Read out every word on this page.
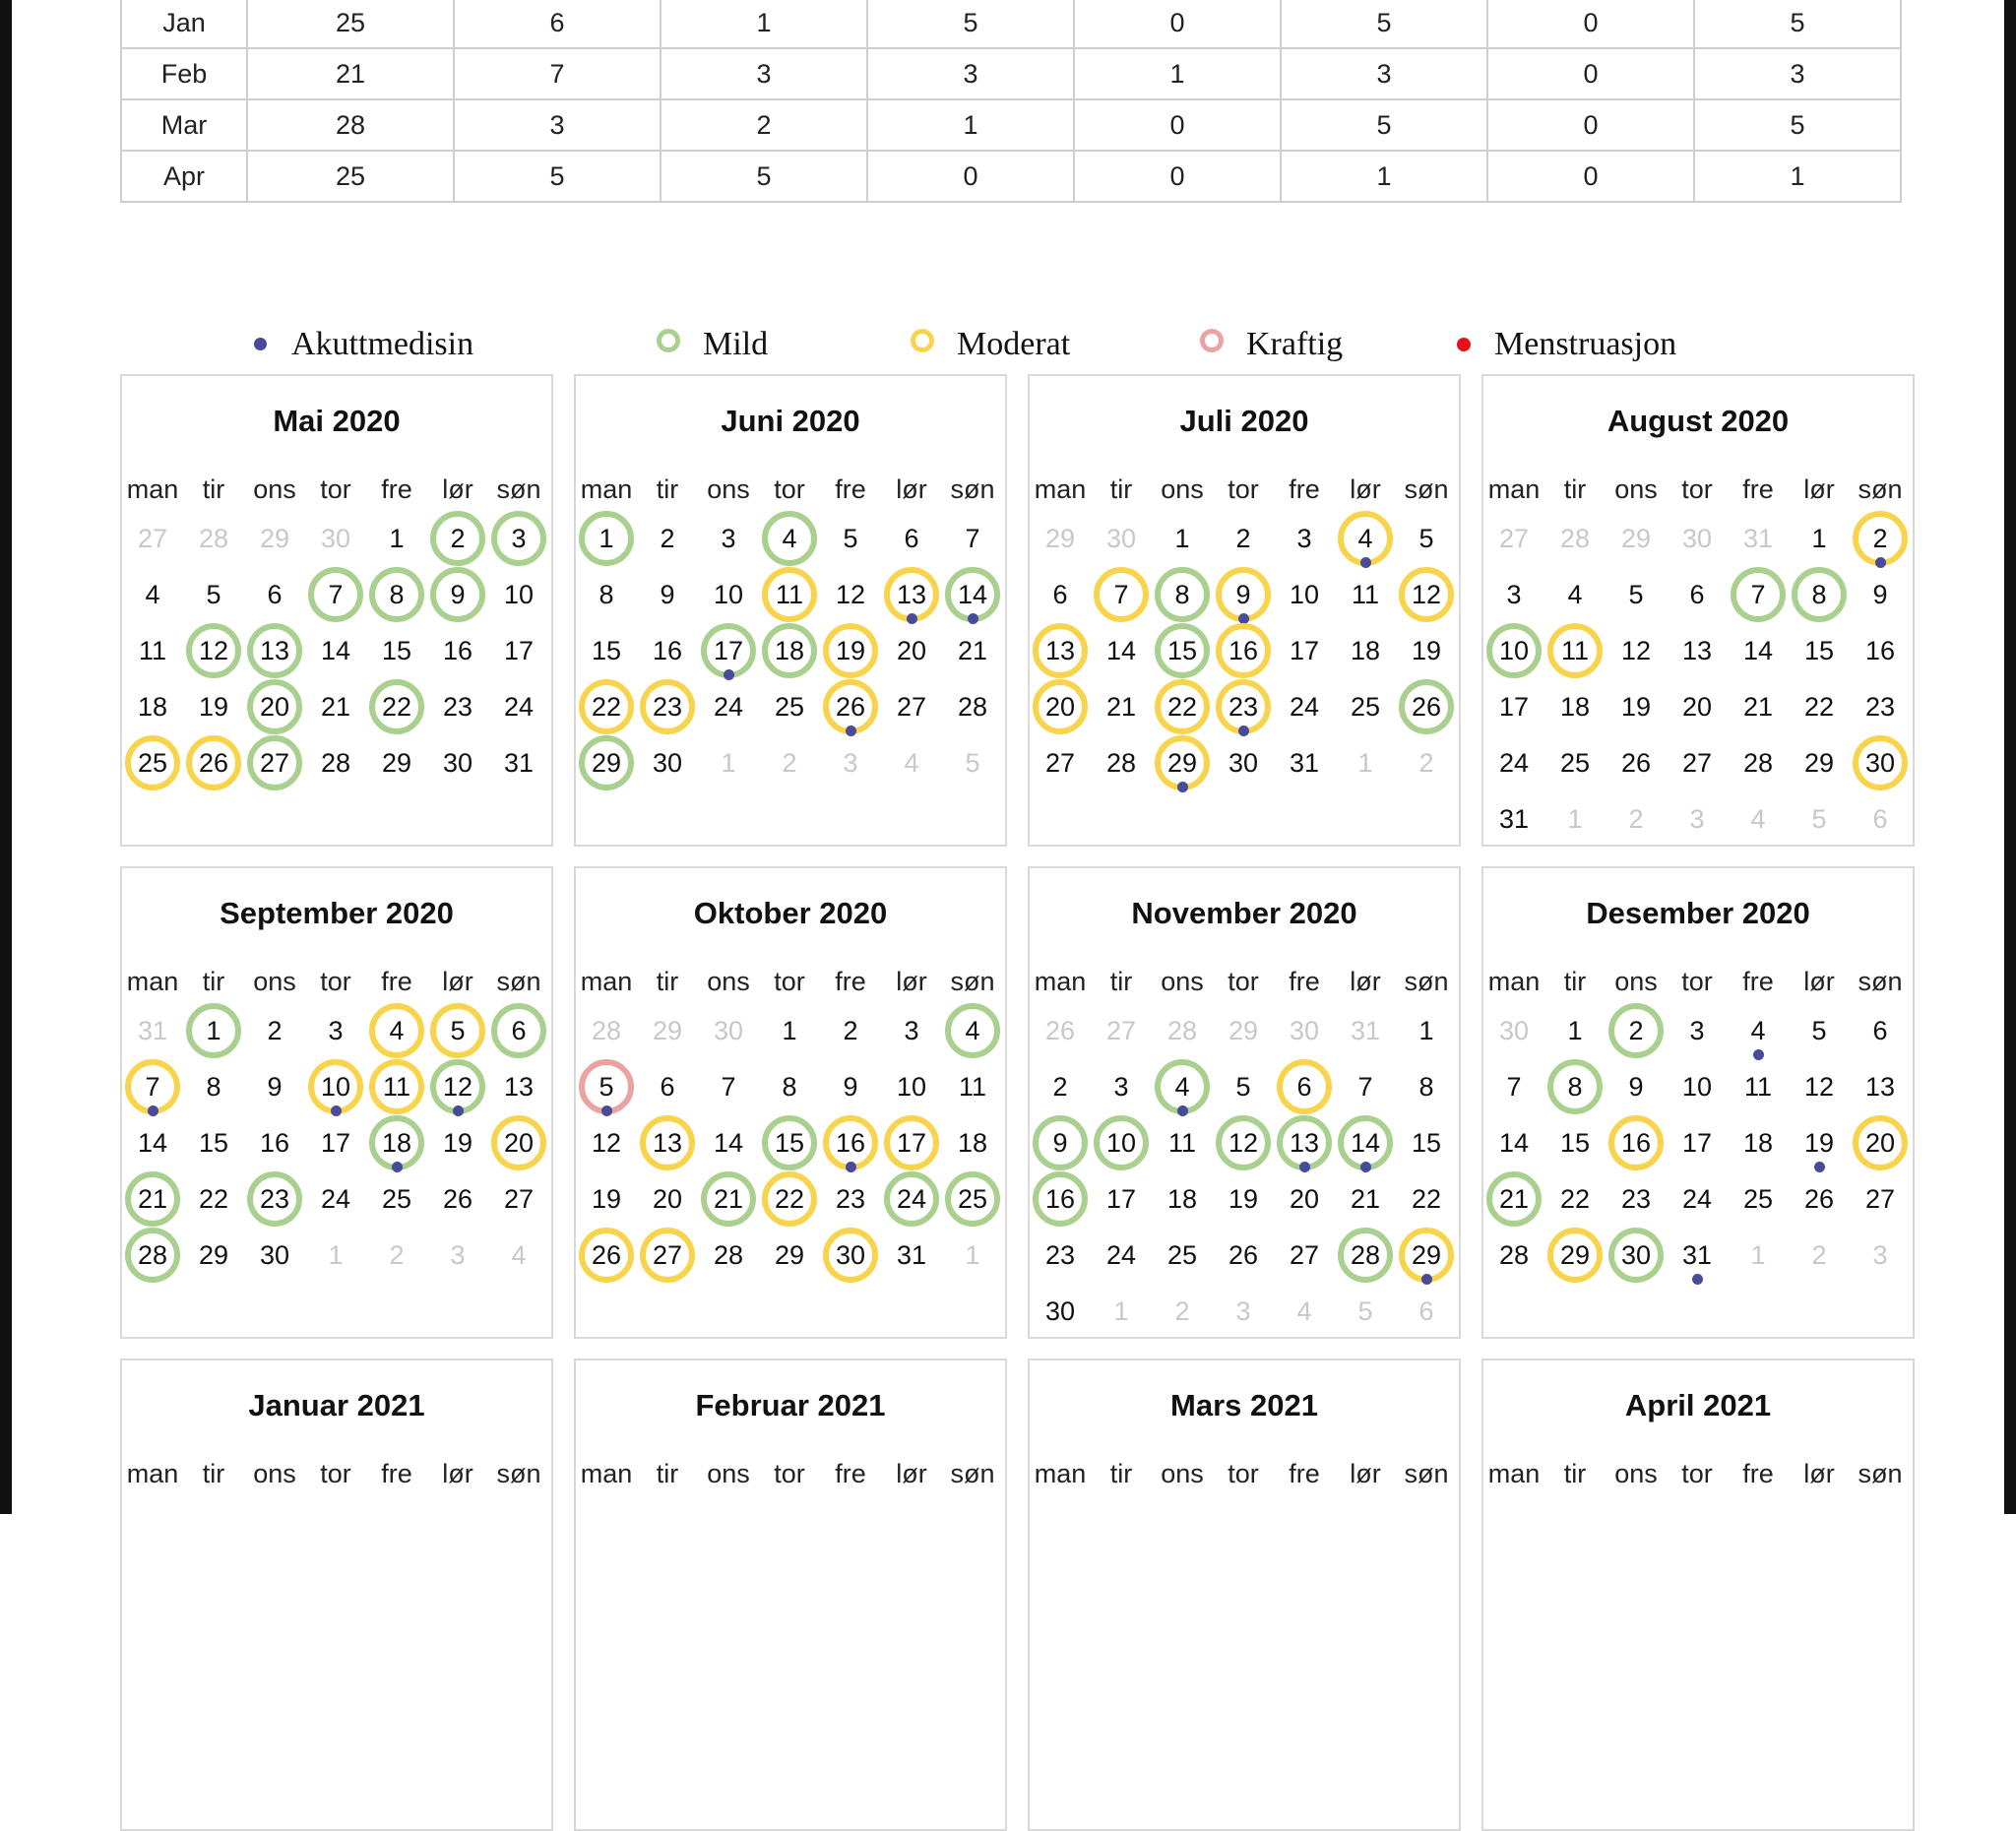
Jan	25	6	1	5	0	5	0	5
Feb	21	7	3	3	1	3	0	3
Mar	28	3	2	1	0	5	0	5
Apr	25	5	5	0	0	1	0	1
Akuttmedisin	Mild	Moderat	Kraftig	Menstruasjon
Mai 2020
man tir	ons tor	fre	lør søn
27	28	29	30	1	2	3
4	5	6	7	8	9	10
11	12	13	14	15	16	17
18	19	20	21	22	23	24
25	26	27	28	29	30	31
Juni 2020
man tir	ons tor	fre	lør søn
1	2	3	4	5	6	7
8	9	10	11	12	13	14
15	16	17	18	19	20	21
22	23	24	25	26	27	28
29	30	1	2	3	4	5
Juli 2020
man tir	ons tor	fre	lør søn
29	30	1	2	3	4	5
6	7	8	9	10	11	12
13	14	15	16	17	18	19
20	21	22	23	24	25	26
27	28	29	30	31	1	2
August 2020
man tir	ons tor	fre	lør søn
27	28	29	30	31	1	2
3	4	5	6	7	8	9
10	11	12	13	14	15	16
17	18	19	20	21	22	23
24	25	26	27	28	29	30
31	1	2	3	4	5	6
September 2020
man tir	ons tor	fre	lør søn
31	1	2	3	4	5	6
7	8	9	10	11	12	13
14	15	16	17	18	19	20
21	22	23	24	25	26	27
28	29	30	1	2	3	4
Oktober 2020
man tir	ons tor	fre	lør søn
28	29	30	1	2	3	4
5	6	7	8	9	10	11
12	13	14	15	16	17	18
19	20	21	22	23	24	25
26	27	28	29	30	31	1
November 2020
man tir	ons tor	fre	lør søn
26	27	28	29	30	31	1
2	3	4	5	6	7	8
9	10	11	12	13	14	15
16	17	18	19	20	21	22
23	24	25	26	27	28	29
30	1	2	3	4	5	6
Desember 2020
man tir	ons tor	fre	lør søn
30	1	2	3	4	5	6
7	8	9	10	11	12	13
14	15	16	17	18	19	20
21	22	23	24	25	26	27
28	29	30	31	1	2	3
Januar 2021
man tir	ons tor	fre	lør søn
Februar 2021
man tir	ons tor	fre	lør søn
Mars 2021
man tir	ons tor	fre	lør søn
April 2021
man tir	ons tor	fre	lør søn
